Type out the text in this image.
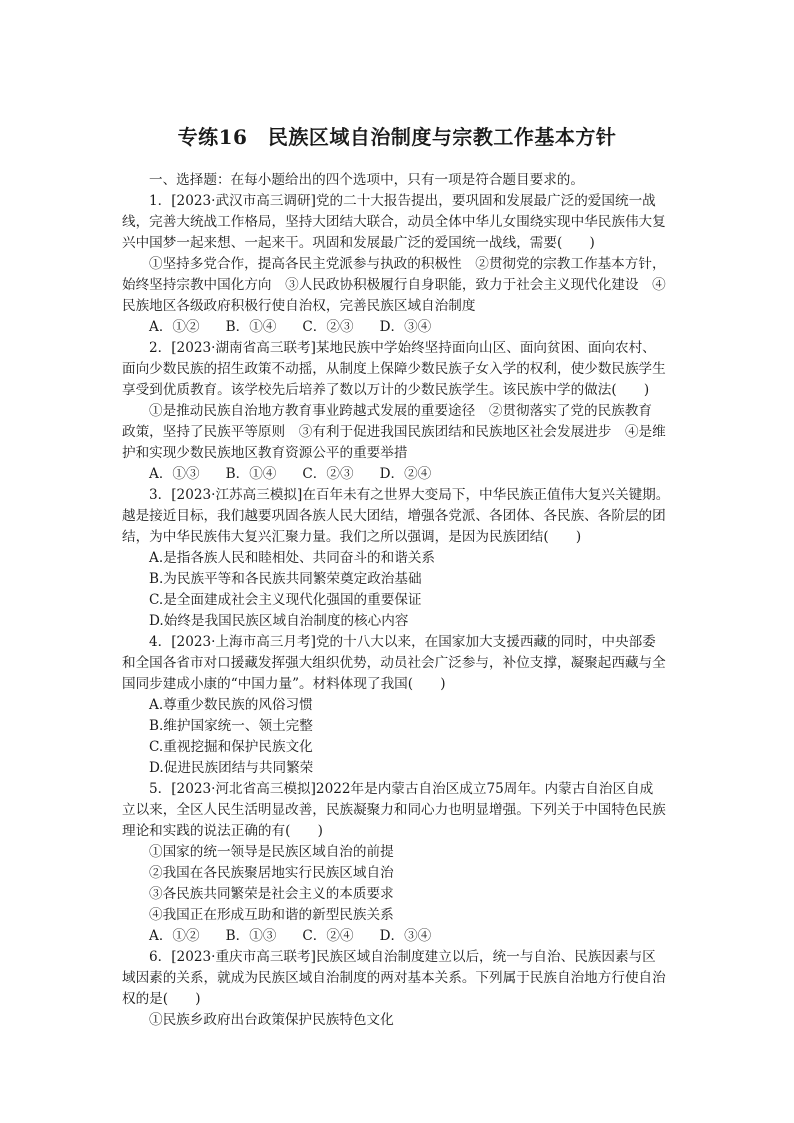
专练16　民族区域自治制度与宗教工作基本方针
一、选择题：在每小题给出的四个选项中，只有一项是符合题目要求的。
1．[2023·武汉市高三调研]党的二十大报告提出，要巩固和发展最广泛的爱国统一战
线，完善大统战工作格局，坚持大团结大联合，动员全体中华儿女围绕实现中华民族伟大复
兴中国梦一起来想、一起来干。巩固和发展最广泛的爱国统一战线，需要(　　)
①坚持多党合作，提高各民主党派参与执政的积极性　②贯彻党的宗教工作基本方针，
始终坚持宗教中国化方向　③人民政协积极履行自身职能，致力于社会主义现代化建设　④
民族地区各级政府积极行使自治权，完善民族区域自治制度
A．①② B．①④ C．②③ D．③④
2．[2023·湖南省高三联考]某地民族中学始终坚持面向山区、面向贫困、面向农村、
面向少数民族的招生政策不动摇，从制度上保障少数民族子女入学的权利，使少数民族学生
享受到优质教育。该学校先后培养了数以万计的少数民族学生。该民族中学的做法(　　)
①是推动民族自治地方教育事业跨越式发展的重要途径　②贯彻落实了党的民族教育
政策，坚持了民族平等原则　③有利于促进我国民族团结和民族地区社会发展进步　④是维
护和实现少数民族地区教育资源公平的重要举措
A．①③ B．①④ C．②③ D．②④
3．[2023·江苏高三模拟]在百年未有之世界大变局下，中华民族正值伟大复兴关键期。
越是接近目标，我们越要巩固各族人民大团结，增强各党派、各团体、各民族、各阶层的团
结，为中华民族伟大复兴汇聚力量。我们之所以强调，是因为民族团结(　　)
A.是指各族人民和睦相处、共同奋斗的和谐关系
B.为民族平等和各民族共同繁荣奠定政治基础
C.是全面建成社会主义现代化强国的重要保证
D.始终是我国民族区域自治制度的核心内容
4．[2023·上海市高三月考]党的十八大以来，在国家加大支援西藏的同时，中央部委
和全国各省市对口援藏发挥强大组织优势，动员社会广泛参与，补位支撑，凝聚起西藏与全
国同步建成小康的“中国力量”。材料体现了我国(　　)
A.尊重少数民族的风俗习惯
B.维护国家统一、领土完整
C.重视挖掘和保护民族文化
D.促进民族团结与共同繁荣
5．[2023·河北省高三模拟]2022年是内蒙古自治区成立75周年。内蒙古自治区自成
立以来，全区人民生活明显改善，民族凝聚力和同心力也明显增强。下列关于中国特色民族
理论和实践的说法正确的有(　　)
①国家的统一领导是民族区域自治的前提
②我国在各民族聚居地实行民族区域自治
③各民族共同繁荣是社会主义的本质要求
④我国正在形成互助和谐的新型民族关系
A．①② B．①③ C．②④ D．③④
6．[2023·重庆市高三联考]民族区域自治制度建立以后，统一与自治、民族因素与区
域因素的关系，就成为民族区域自治制度的两对基本关系。下列属于民族自治地方行使自治
权的是(　　)
①民族乡政府出台政策保护民族特色文化
